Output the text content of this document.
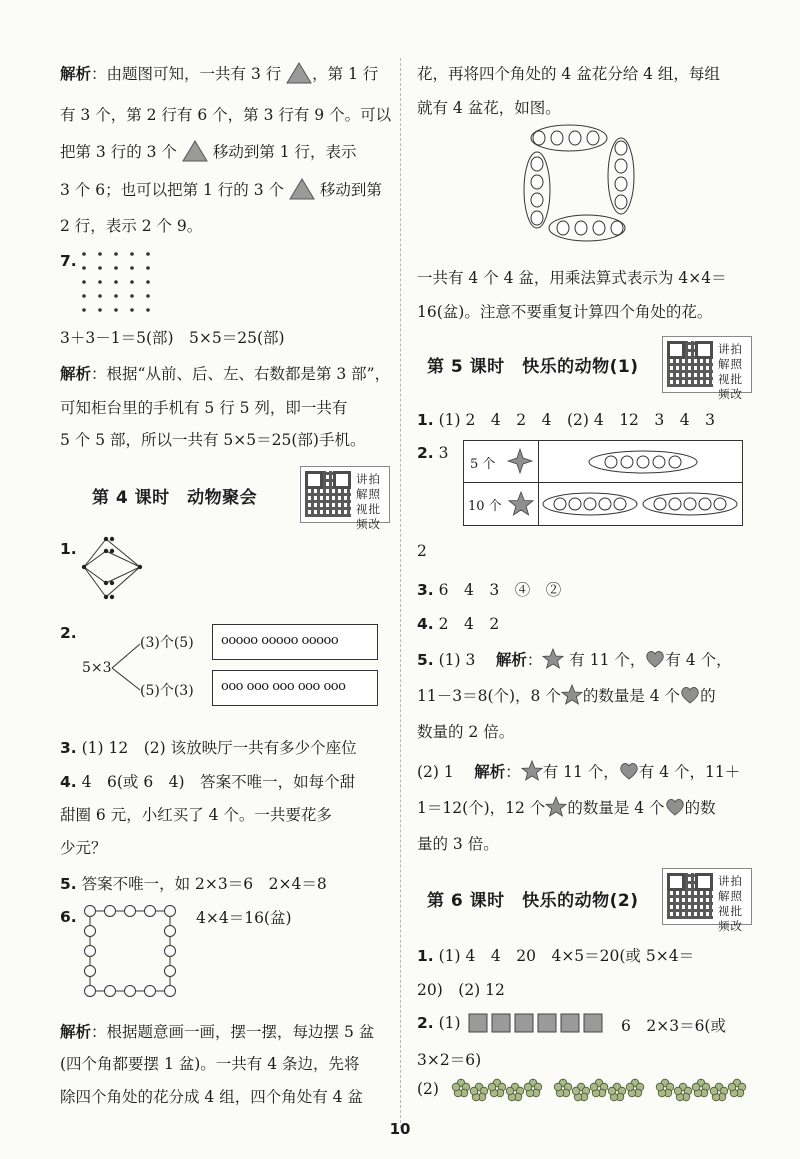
解析：由题图可知，一共有 3 行 ，第 1 行
有 3 个，第 2 行有 6 个，第 3 行有 9 个。可以
把第 3 行的 3 个 移动到第 1 行，表示
3 个 6；也可以把第 1 行的 3 个 移动到第
2 行，表示 2 个 9。
7.
3＋3－1＝5(部)　5×5＝25(部)
解析：根据“从前、后、左、右数都是第 3 部”，
可知柜台里的手机有 5 行 5 列，即一共有
5 个 5 部，所以一共有 5×5＝25(部)手机。
第 4 课时　动物聚会
讲拍解照视批频改
1.
2.
5×3
(3)个(5)
(5)个(3)
ooooo ooooo ooooo
ooo ooo ooo ooo ooo
3. (1) 12　(2) 该放映厅一共有多少个座位
4. 4　6(或 6　4)　答案不唯一，如每个甜
甜圈 6 元，小红买了 4 个。一共要花多
少元？
5. 答案不唯一，如 2×3＝6　2×4＝8
6.	4×4＝16(盆)
解析：根据题意画一画，摆一摆，每边摆 5 盆
(四个角都要摆 1 盆)。一共有 4 条边，先将
除四个角处的花分成 4 组，四个角处有 4 盆
花，再将四个角处的 4 盆花分给 4 组，每组
就有 4 盆花，如图。
一共有 4 个 4 盆，用乘法算式表示为 4×4＝
16(盆)。注意不要重复计算四个角处的花。
第 5 课时　快乐的动物(1)
讲拍解照视批频改
1. (1) 2　4　2　4　(2) 4　12　3　4　3
2. 3
5 个
10 个
2
3. 6　4　3　④　②
4. 2　4　2
5. (1) 3　 解析： 有 11 个， 有 4 个，
11－3＝8(个)，8 个 的数量是 4 个 的
数量的 2 倍。
(2) 1　 解析： 有 11 个， 有 4 个，11＋
1＝12(个)，12 个 的数量是 4 个 的数
量的 3 倍。
第 6 课时　快乐的动物(2)
讲拍解照视批频改
1. (1) 4　4　20　4×5＝20(或 5×4＝
20)　(2) 12
2. (1)	6　2×3＝6(或
3×2＝6)
(2)
10
